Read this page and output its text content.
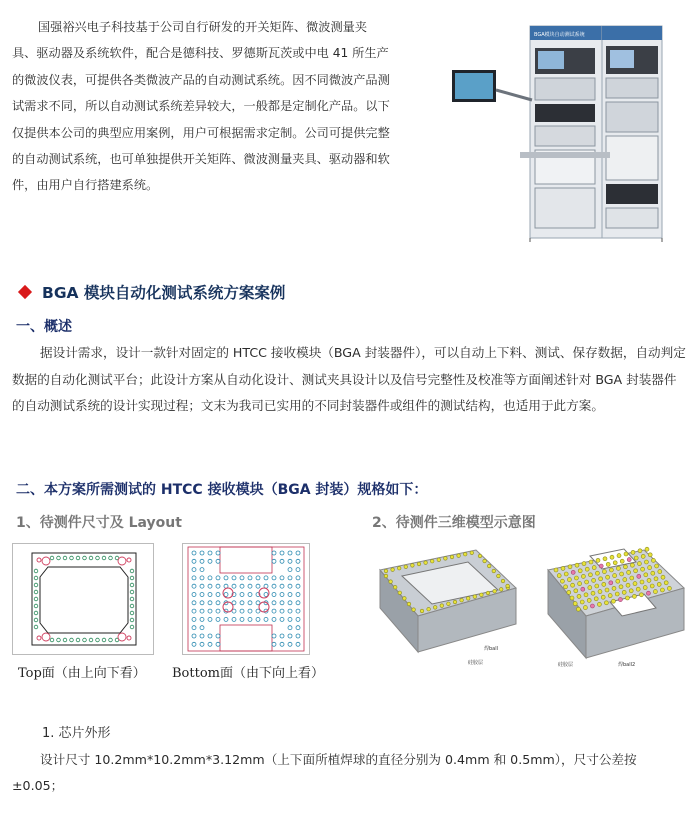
国强裕兴电子科技基于公司自行研发的开关矩阵、微波测量夹具、驱动器及系统软件，配合是德科技、罗德斯瓦茨或中电 41 所生产的微波仪表，可提供各类微波产品的自动测试系统。因不同微波产品测试需求不同，所以自动测试系统差异较大，一般都是定制化产品。以下仅提供本公司的典型应用案例，用户可根据需求定制。公司可提供完整的自动测试系统，也可单独提供开关矩阵、微波测量夹具、驱动器和软件，由用户自行搭建系统。

BGA模块自动测试系统
BGA 模块自动化测试系统方案案例
一、概述

据设计需求，设计一款针对固定的 HTCC 接收模块（BGA 封装器件），可以自动上下料、测试、保存数据，自动判定数据的自动化测试平台；此设计方案从自动化设计、测试夹具设计以及信号完整性及校准等方面阐述针对 BGA 封装器件的自动测试系统的设计实现过程；文末为我司已实用的不同封装器件或组件的测试结构，也适用于此方案。

二、本方案所需测试的 HTCC 接收模块（BGA 封装）规格如下：
1、待测件尺寸及 Layout	2、待测件三维模型示意图
Top面（由上向下看） Bottom面（由下向上看）
焊ball
硅胶层	焊ball2
硅胶层
1. 芯片外形

设计尺寸 10.2mm*10.2mm*3.12mm（上下面所植焊球的直径分别为 0.4mm 和 0.5mm），尺寸公差按 ±0.05；
